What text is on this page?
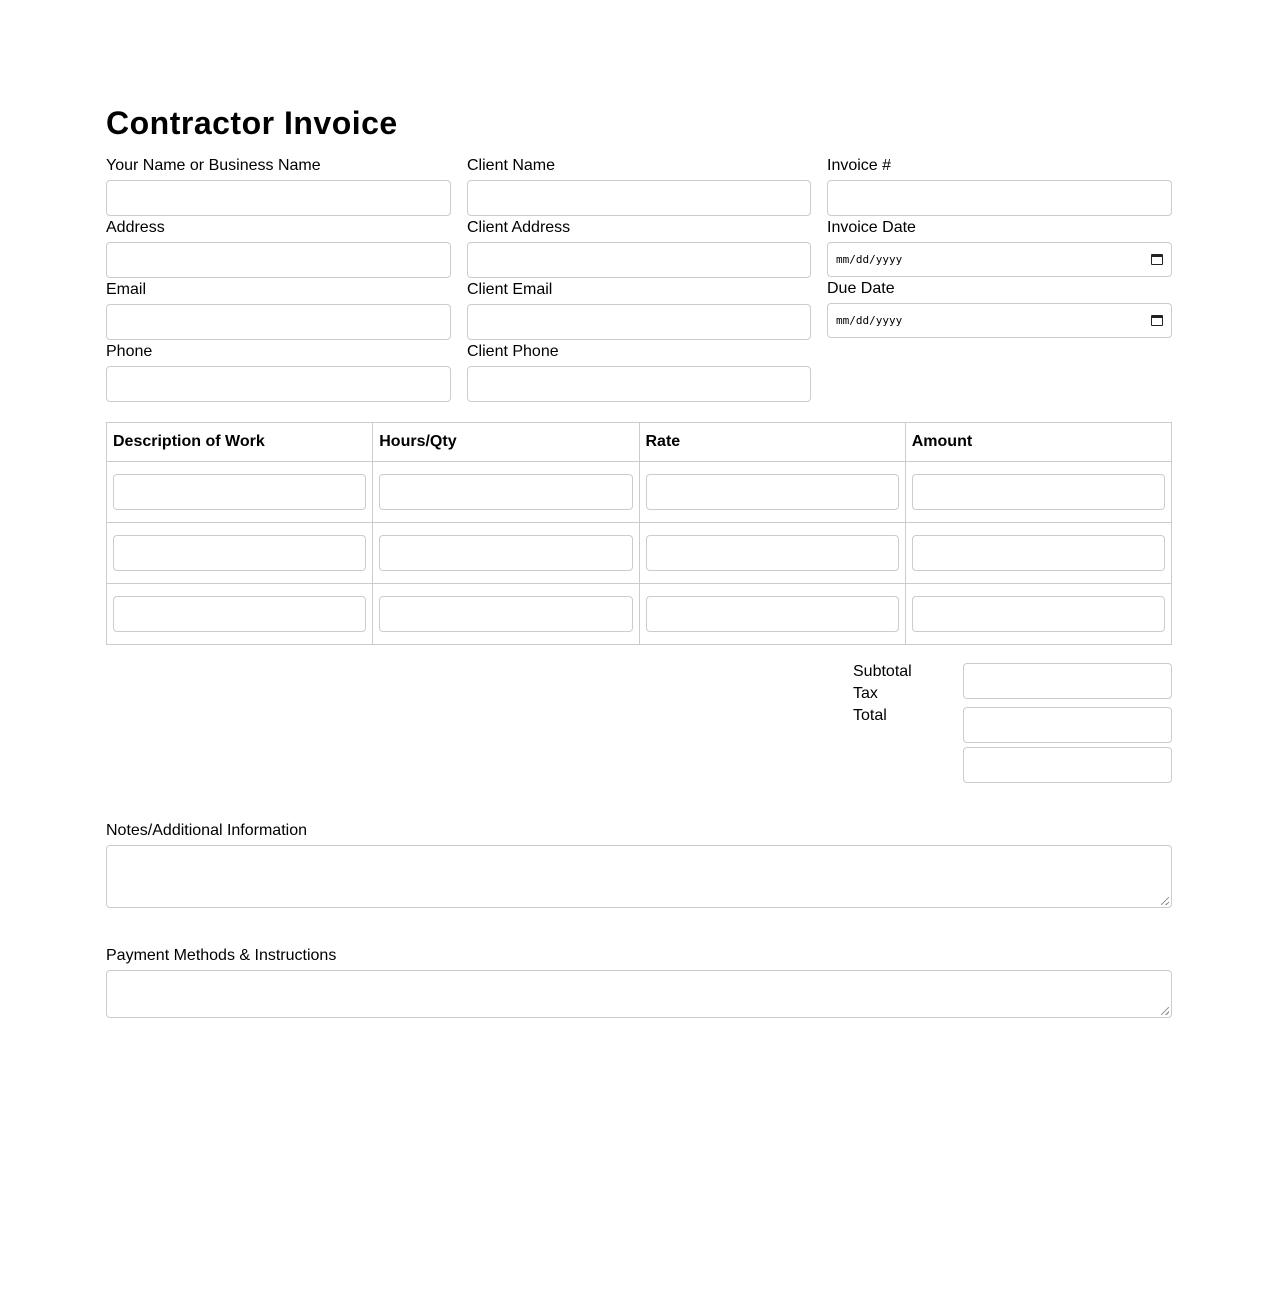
Contractor Invoice
Your Name or Business Name
Address
Email
Phone
Client Name
Client Address
Client Email
Client Phone
Invoice #
Invoice Date
mm/dd/yyyy
Due Date
mm/dd/yyyy
Description of Work	Hours/Qty	Rate	Amount

Subtotal
Tax
Total
Notes/Additional Information
Payment Methods & Instructions
